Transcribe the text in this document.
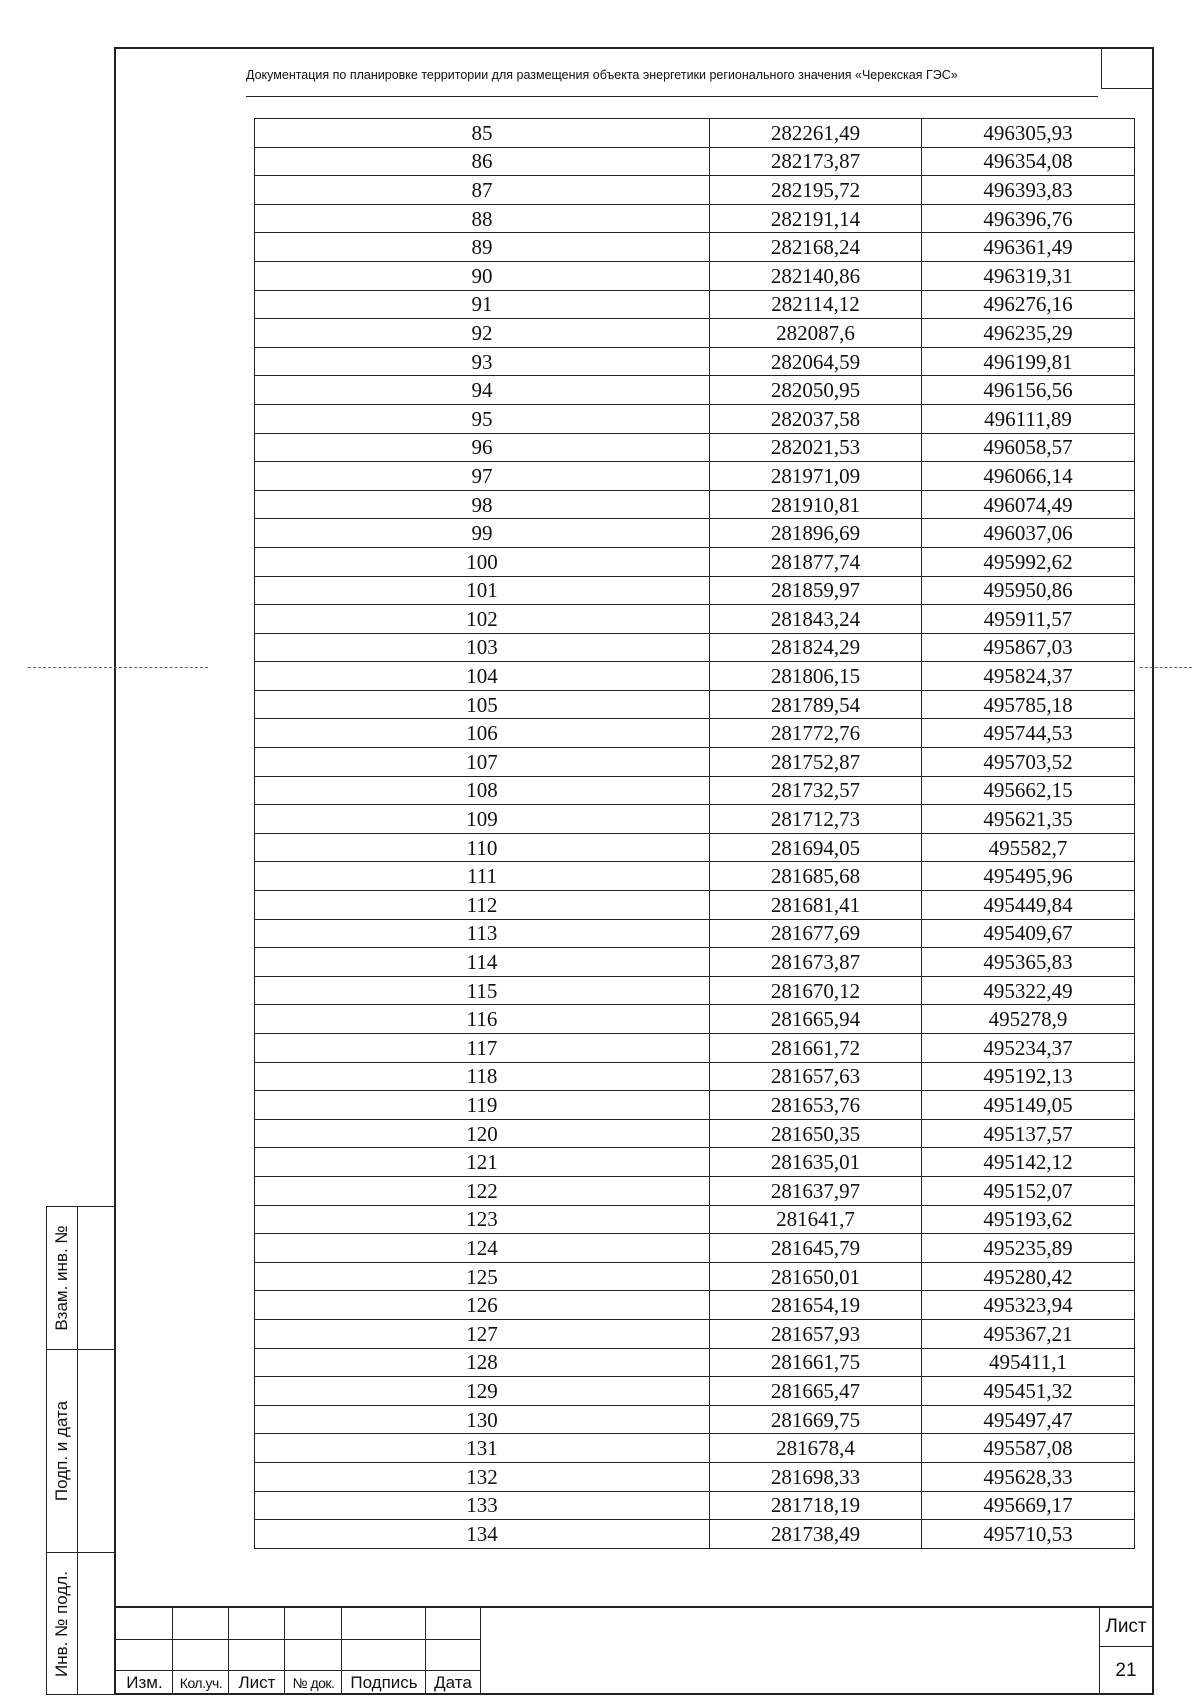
Документация по планировке территории для размещения объекта энергетики регионального значения «Черекская ГЭС»
85	282261,49	496305,93
86	282173,87	496354,08
87	282195,72	496393,83
88	282191,14	496396,76
89	282168,24	496361,49
90	282140,86	496319,31
91	282114,12	496276,16
92	282087,6	496235,29
93	282064,59	496199,81
94	282050,95	496156,56
95	282037,58	496111,89
96	282021,53	496058,57
97	281971,09	496066,14
98	281910,81	496074,49
99	281896,69	496037,06
100	281877,74	495992,62
101	281859,97	495950,86
102	281843,24	495911,57
103	281824,29	495867,03
104	281806,15	495824,37
105	281789,54	495785,18
106	281772,76	495744,53
107	281752,87	495703,52
108	281732,57	495662,15
109	281712,73	495621,35
110	281694,05	495582,7
111	281685,68	495495,96
112	281681,41	495449,84
113	281677,69	495409,67
114	281673,87	495365,83
115	281670,12	495322,49
116	281665,94	495278,9
117	281661,72	495234,37
118	281657,63	495192,13
119	281653,76	495149,05
120	281650,35	495137,57
121	281635,01	495142,12
122	281637,97	495152,07
123	281641,7	495193,62
124	281645,79	495235,89
125	281650,01	495280,42
126	281654,19	495323,94
127	281657,93	495367,21
128	281661,75	495411,1
129	281665,47	495451,32
130	281669,75	495497,47
131	281678,4	495587,08
132	281698,33	495628,33
133	281718,19	495669,17
134	281738,49	495710,53
Взам. инв. №
Подп. и дата
Инв. № подл.
Изм.	Кол.уч. Лист	№ док. Подпись Дата
Лист
21
